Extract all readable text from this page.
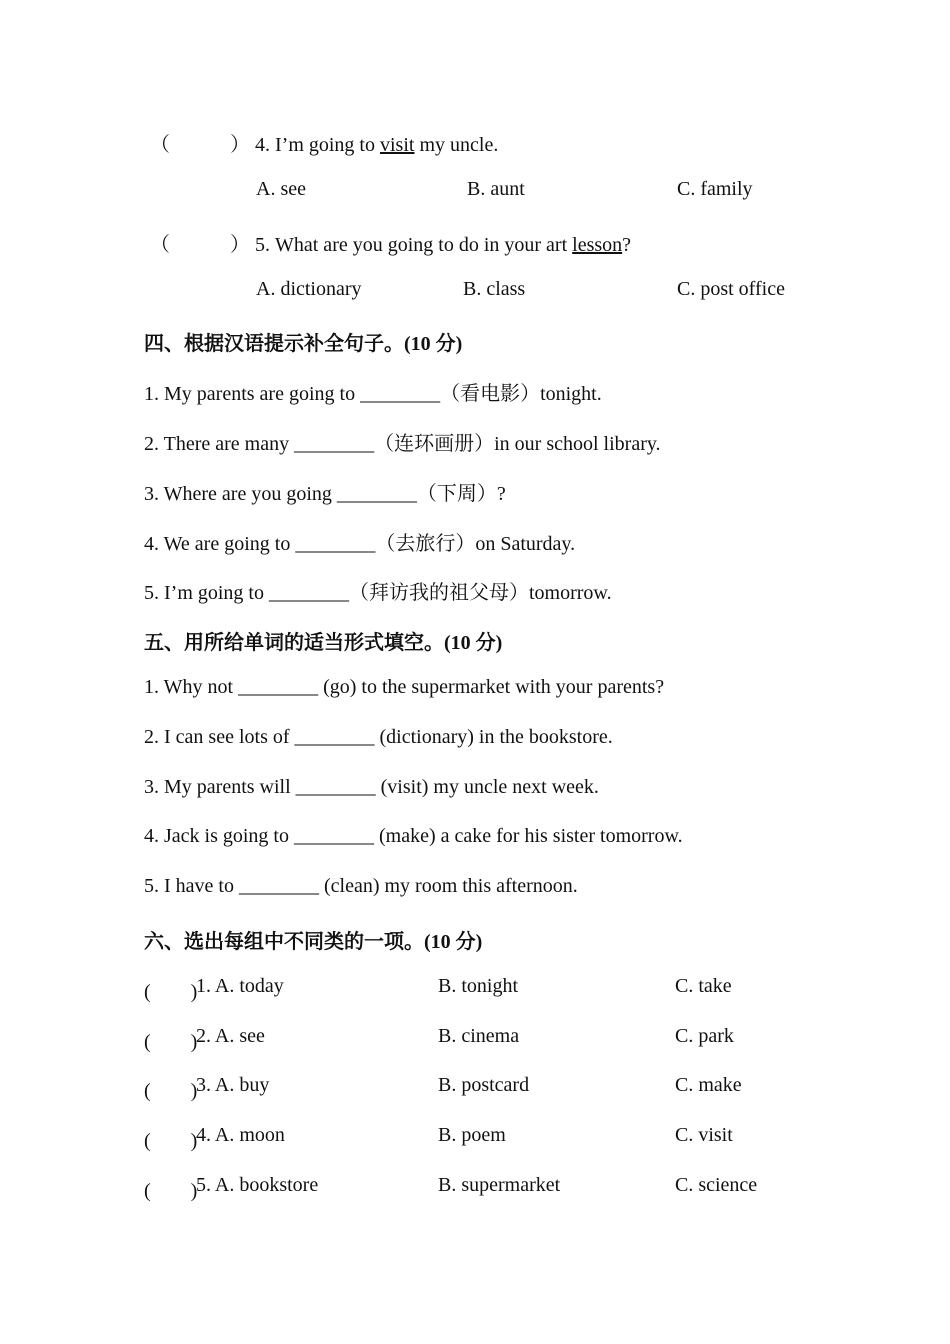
（　　　） 4. I’m going to visit my uncle.
A. see	B. aunt	C. family
（　　　） 5. What are you going to do in your art lesson?
A. dictionary	B. class	C. post office
四、根据汉语提示补全句子。(10 分)
1. My parents are going to ________（看电影）tonight.
2. There are many ________（连环画册）in our school library.
3. Where are you going ________（下周）?
4. We are going to ________（去旅行）on Saturday.
5. I’m going to ________（拜访我的祖父母）tomorrow.
五、用所给单词的适当形式填空。(10 分)
1. Why not ________ (go) to the supermarket with your parents?
2. I can see lots of ________ (dictionary) in the bookstore.
3. My parents will ________ (visit) my uncle next week.
4. Jack is going to ________ (make) a cake for his sister tomorrow.
5. I have to ________ (clean) my room this afternoon.
六、选出每组中不同类的一项。(10 分)
(　　)
1. A. today	B. tonight	C. take
(　　)
2. A. see	B. cinema	C. park
(　　)
3. A. buy	B. postcard	C. make
(　　)
4. A. moon	B. poem	C. visit
(　　)
5. A. bookstore	B. supermarket	C. science
